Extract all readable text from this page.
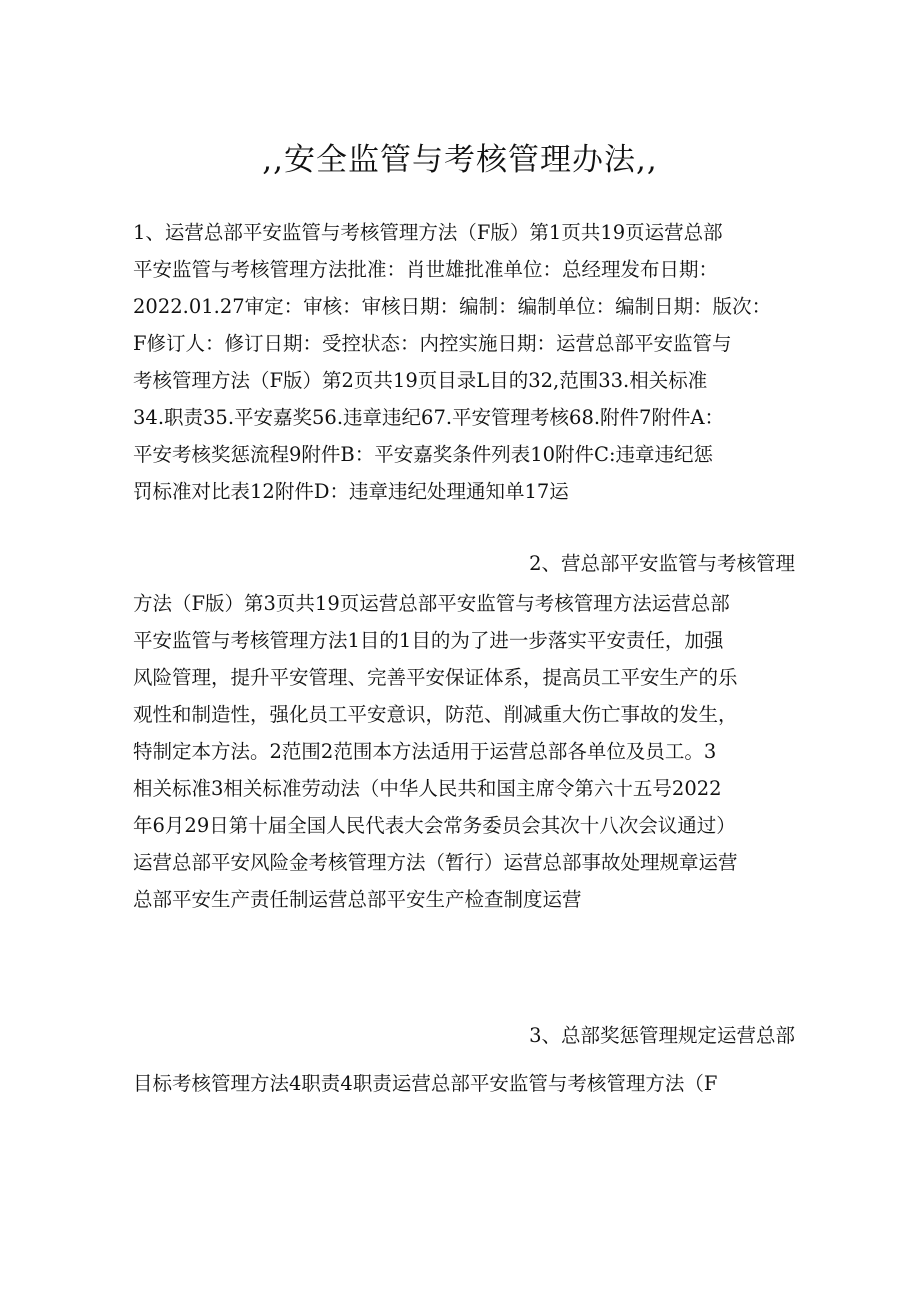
,,安全监管与考核管理办法,,
1、运营总部平安监管与考核管理方法（F版）第1页共19页运营总部
平安监管与考核管理方法批准：肖世雄批准单位：总经理发布日期：
2022.01.27审定：审核：审核日期：编制：编制单位：编制日期：版次：
F修订人：修订日期：受控状态：内控实施日期：运营总部平安监管与
考核管理方法（F版）第2页共19页目录L目的32,范围33.相关标准
34.职责35.平安嘉奖56.违章违纪67.平安管理考核68.附件7附件A：
平安考核奖惩流程9附件B：平安嘉奖条件列表10附件C:违章违纪惩
罚标准对比表12附件D：违章违纪处理通知单17运
2、营总部平安监管与考核管理
方法（F版）第3页共19页运营总部平安监管与考核管理方法运营总部
平安监管与考核管理方法1目的1目的为了进一步落实平安责任，加强
风险管理，提升平安管理、完善平安保证体系，提高员工平安生产的乐
观性和制造性，强化员工平安意识，防范、削减重大伤亡事故的发生，
特制定本方法。2范围2范围本方法适用于运营总部各单位及员工。3
相关标准3相关标准劳动法（中华人民共和国主席令第六十五号2022
年6月29日第十届全国人民代表大会常务委员会其次十八次会议通过）
运营总部平安风险金考核管理方法（暂行）运营总部事故处理规章运营
总部平安生产责任制运营总部平安生产检查制度运营
3、总部奖惩管理规定运营总部
目标考核管理方法4职责4职责运营总部平安监管与考核管理方法（F
